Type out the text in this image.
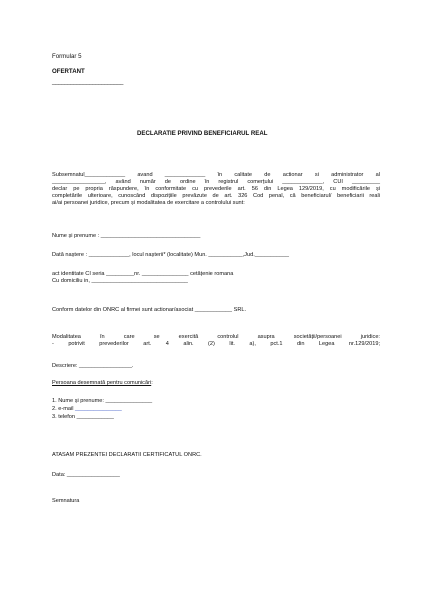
Formular 5
OFERTANT
_______________________
DECLARATIE PRIVIND BENEFICIARUL REAL
Subsemnatul_____________ avand _____________ în calitate de actionar si administrator al
_________________, având număr de ordine în registrul comerțului _____________, CUI _________
declar pe propria răspundere, în conformitate cu prevederile art. 56 din Legea 129/2019, cu modificările și
completările ulterioare, cunoscând dispozițiile prevăzute de art. 326 Cod penal, că beneficiarul/ beneficiarii reali
ai/ai persoanei juridice, precum și modalitatea de exercitare a controlului sunt:
Nume și prenume : ________________________________
Dată naștere : _____________, locul nașterii* (localitate) Mun. ___________,Jud.___________
act identitate CI seria _________nr. _______________ cetățenie romana
Cu domiciliu in, _______________________________
Conform datelor din ONRC al firmei sunt actionar/asociat ____________ SRL.
Modalitatea în care se exercită controlul asupra societății/persoanei juridice:
- potrivit prevederilor art. 4 alin. (2) lit. a), pct.1 din Legea nr.129/2019;
Descriere: _________________.
Persoana desemnată pentru comunicări:
1. Nume și prenume: _______________
2. e-mail _______________
3. telefon ____________
ATASAM PREZENTEI DECLARATII CERTIFICATUL ONRC.
Data: _________________
Semnatura
